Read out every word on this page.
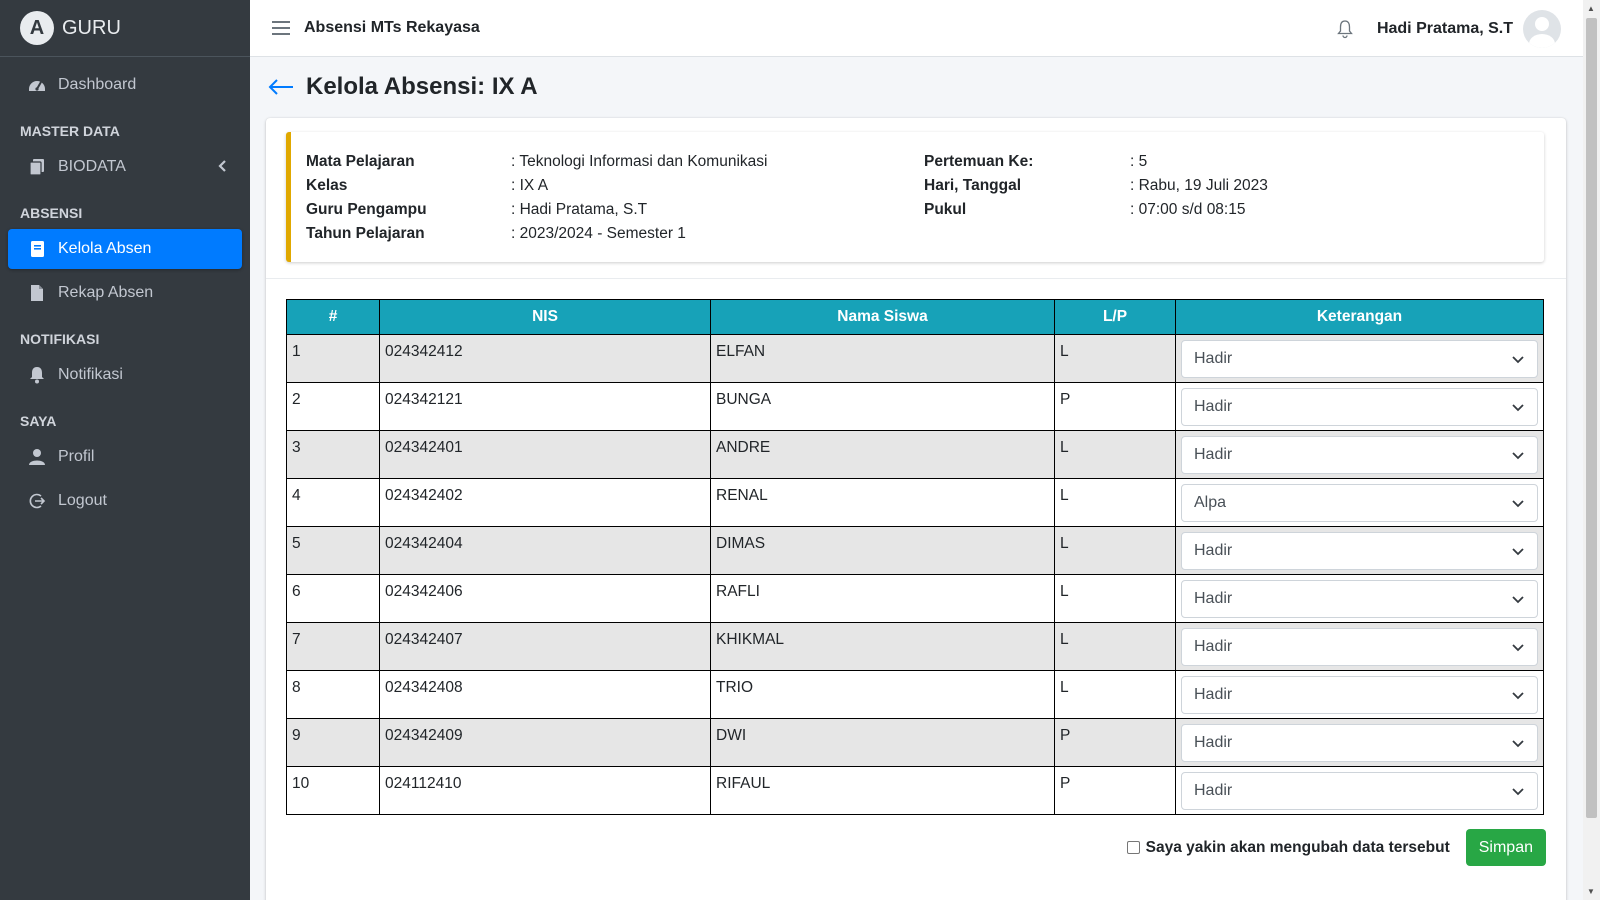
A GURU
Dashboard
MASTER DATA
BIODATA
ABSENSI
Kelola Absen
Rekap Absen
NOTIFIKASI
Notifikasi
SAYA
Profil
Logout
Absensi MTs Rekayasa	Hadi Pratama, S.T
Kelola Absensi: IX A
Mata Pelajaran	: Teknologi Informasi dan Komunikasi
Kelas	: IX A
Guru Pengampu	: Hadi Pratama, S.T
Tahun Pelajaran	: 2023/2024 - Semester 1
Pertemuan Ke:	: 5
Hari, Tanggal	: Rabu, 19 Juli 2023
Pukul	: 07:00 s/d 08:15
#	NIS	Nama Siswa	L/P	Keterangan
1	024342412	ELFAN	L	Hadir

2	024342121	BUNGA	P	Hadir

3	024342401	ANDRE	L	Hadir

4	024342402	RENAL	L	Alpa

5	024342404	DIMAS	L	Hadir

6	024342406	RAFLI	L	Hadir

7	024342407	KHIKMAL	L	Hadir

8	024342408	TRIO	L	Hadir

9	024342409	DWI	P	Hadir

10	024112410	RIFAUL	P	Hadir
Saya yakin akan mengubah data tersebut	Simpan
▲
▼
